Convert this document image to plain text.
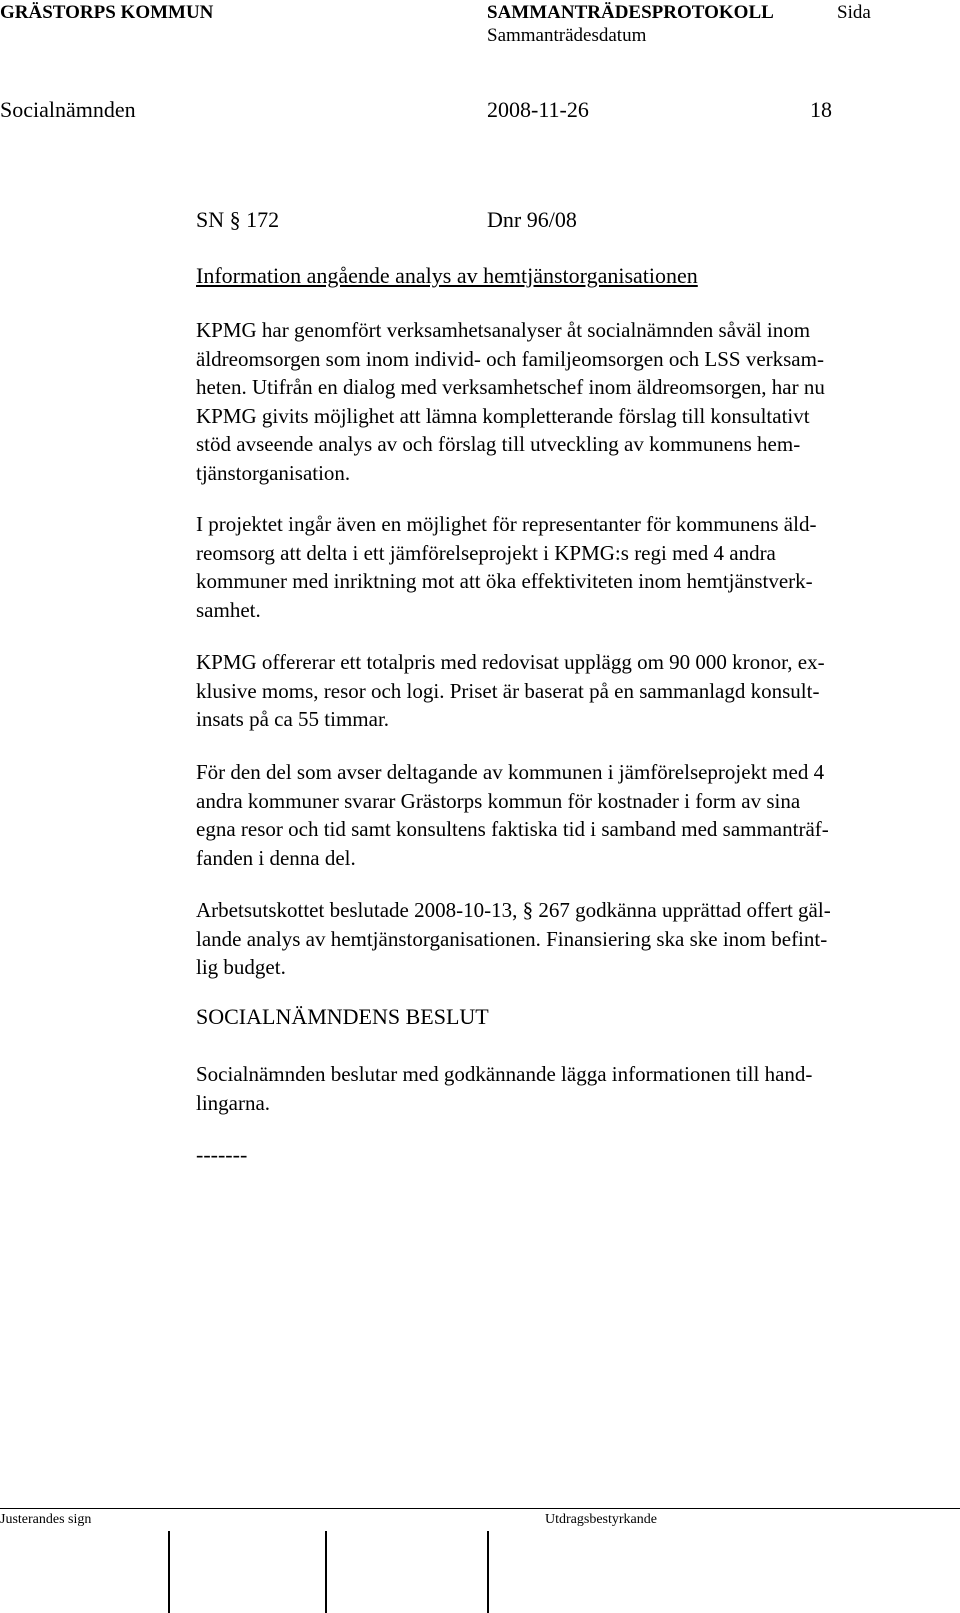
GRÄSTORPS KOMMUN	SAMMANTRÄDESPROTOKOLL	Sida
Sammanträdesdatum
Socialnämnden	2008-11-26	18
SN § 172	Dnr 96/08
Information angående analys av hemtjänstorganisationen

KPMG har genomfört verksamhetsanalyser åt socialnämnden såväl inom

äldreomsorgen som inom individ- och familjeomsorgen och LSS verksam-

heten. Utifrån en dialog med verksamhetschef inom äldreomsorgen, har nu

KPMG givits möjlighet att lämna kompletterande förslag till konsultativt

stöd avseende analys av och förslag till utveckling av kommunens hem-

tjänstorganisation.

I projektet ingår även en möjlighet för representanter för kommunens äld-

reomsorg att delta i ett jämförelseprojekt i KPMG:s regi med 4 andra

kommuner med inriktning mot att öka effektiviteten inom hemtjänstverk-

samhet.

KPMG offererar ett totalpris med redovisat upplägg om 90 000 kronor, ex-

klusive moms, resor och logi. Priset är baserat på en sammanlagd konsult-

insats på ca 55 timmar.

För den del som avser deltagande av kommunen i jämförelseprojekt med 4

andra kommuner svarar Grästorps kommun för kostnader i form av sina

egna resor och tid samt konsultens faktiska tid i samband med sammanträf-

fanden i denna del.

Arbetsutskottet beslutade 2008-10-13, § 267 godkänna upprättad offert gäl-

lande analys av hemtjänstorganisationen. Finansiering ska ske inom befint-

lig budget.

SOCIALNÄMNDENS BESLUT

Socialnämnden beslutar med godkännande lägga informationen till hand-

lingarna.

-------
Justerandes sign	Utdragsbestyrkande
